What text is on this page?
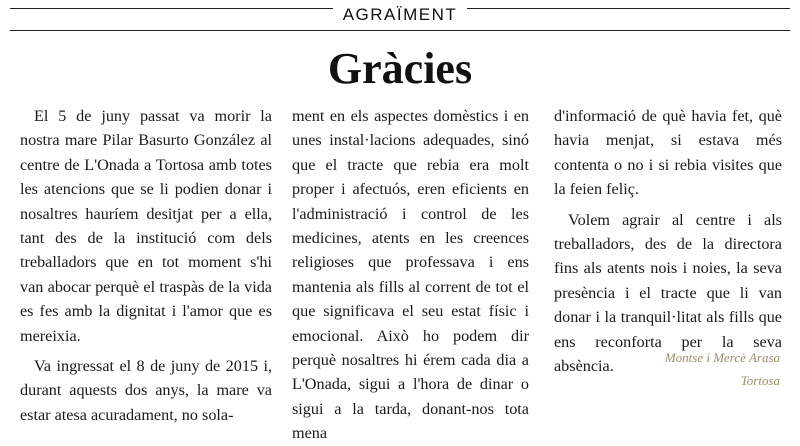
AGRAÏMENT
Gràcies

El 5 de juny passat va morir la nostra mare Pilar Basurto González al centre de L'Onada a Tortosa amb totes les atencions que se li podien donar i nosaltres hauríem desitjat per a ella, tant des de la institució com dels treballadors que en tot moment s'hi van abocar perquè el traspàs de la vida es fes amb la dignitat i l'amor que es mereixia.

Va ingressat el 8 de juny de 2015 i, durant aquests dos anys, la mare va estar atesa acuradament, no sola-

ment en els aspectes domèstics i en unes instal·lacions adequades, sinó que el tracte que rebia era molt proper i afectuós, eren eficients en l'administració i control de les medicines, atents en les creences religioses que professava i ens mantenia als fills al corrent de tot el que significava el seu estat físic i emocional. Això ho podem dir perquè nosaltres hi érem cada dia a L'Onada, sigui a l'hora de dinar o sigui a la tarda, donant-nos tota mena

d'informació de què havia fet, què havia menjat, si estava més contenta o no i si rebia visites que la feien feliç.

Volem agrair al centre i als treballadors, des de la directora fins als atents nois i noies, la seva presència i el tracte que li van donar i la tranquil·litat als fills que ens reconforta per la seva absència.	Montse i Mercè Arasa
Tortosa
